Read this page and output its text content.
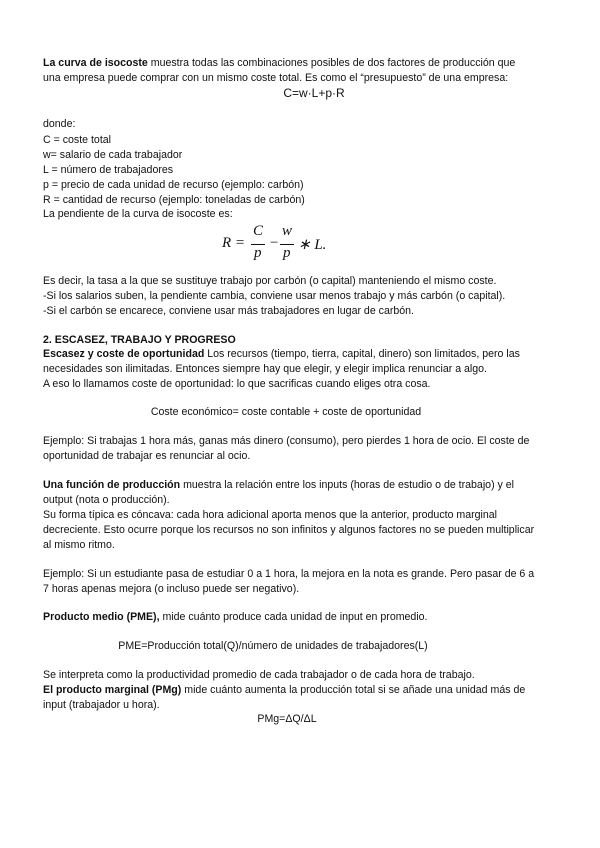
La curva de isocoste muestra todas las combinaciones posibles de dos factores de producción que
una empresa puede comprar con un mismo coste total. Es como el “presupuesto” de una empresa:
C=w·L+p·R
donde:
C = coste total
w= salario de cada trabajador
L = número de trabajadores
p = precio de cada unidad de recurso (ejemplo: carbón)
R = cantidad de recurso (ejemplo: toneladas de carbón)
La pendiente de la curva de isocoste es:
R =
C
p
−
w
p ∗ L.
Es decir, la tasa a la que se sustituye trabajo por carbón (o capital) manteniendo el mismo coste.
-Si los salarios suben, la pendiente cambia, conviene usar menos trabajo y más carbón (o capital).
-Si el carbón se encarece, conviene usar más trabajadores en lugar de carbón.
2. ESCASEZ, TRABAJO Y PROGRESO
Escasez y coste de oportunidad Los recursos (tiempo, tierra, capital, dinero) son limitados, pero las
necesidades son ilimitadas. Entonces siempre hay que elegir, y elegir implica renunciar a algo.
A eso lo llamamos coste de oportunidad: lo que sacrificas cuando eliges otra cosa.
Coste económico= coste contable + coste de oportunidad
Ejemplo: Si trabajas 1 hora más, ganas más dinero (consumo), pero pierdes 1 hora de ocio. El coste de
oportunidad de trabajar es renunciar al ocio.
Una función de producción muestra la relación entre los inputs (horas de estudio o de trabajo) y el
output (nota o producción).
Su forma típica es cóncava: cada hora adicional aporta menos que la anterior, producto marginal
decreciente. Esto ocurre porque los recursos no son infinitos y algunos factores no se pueden multiplicar
al mismo ritmo.
Ejemplo: Si un estudiante pasa de estudiar 0 a 1 hora, la mejora en la nota es grande. Pero pasar de 6 a
7 horas apenas mejora (o incluso puede ser negativo).
Producto medio (PME), mide cuánto produce cada unidad de input en promedio.
PME=Producción total(Q)/número de unidades de trabajadores(L)
Se interpreta como la productividad promedio de cada trabajador o de cada hora de trabajo.
El producto marginal (PMg) mide cuánto aumenta la producción total si se añade una unidad más de
input (trabajador u hora).
PMg=ΔQ/ΔL
